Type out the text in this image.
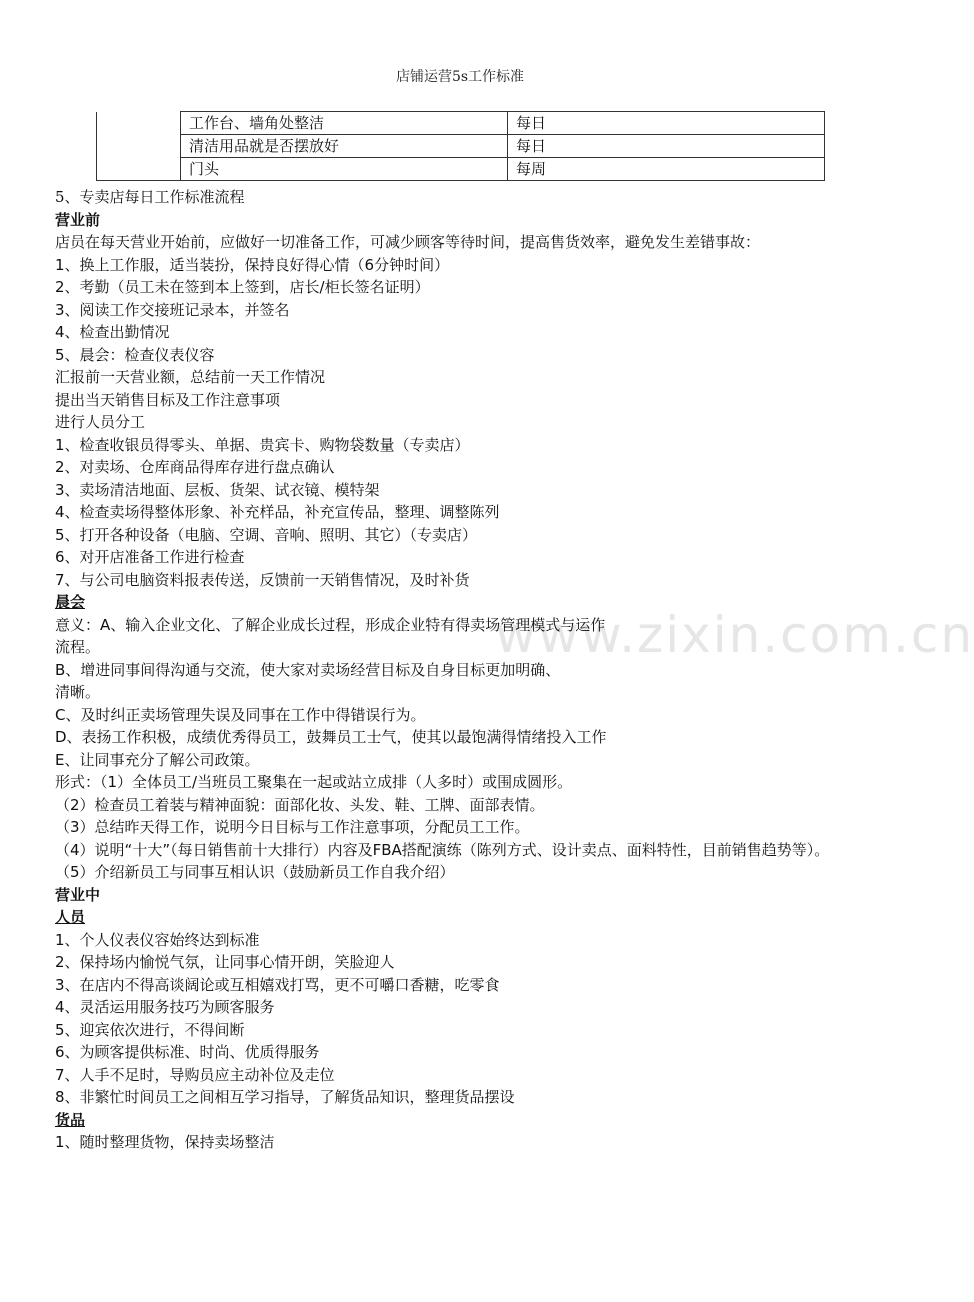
店铺运营5s工作标准
	工作台、墙角处整洁	每日
	清洁用品就是否摆放好	每日
	门头	每周
www.zixin.com.cn

5、专卖店每日工作标准流程

营业前

店员在每天营业开始前，应做好一切准备工作，可减少顾客等待时间，提高售货效率，避免发生差错事故：

1、换上工作服，适当装扮，保持良好得心情（6分钟时间）

2、考勤（员工未在签到本上签到，店长/柜长签名证明）

3、阅读工作交接班记录本，并签名

4、检查出勤情况

5、晨会：检查仪表仪容

汇报前一天营业额，总结前一天工作情况

提出当天销售目标及工作注意事项

进行人员分工

1、检查收银员得零头、单据、贵宾卡、购物袋数量（专卖店）

2、对卖场、仓库商品得库存进行盘点确认

3、卖场清洁地面、层板、货架、试衣镜、模特架

4、检查卖场得整体形象、补充样品，补充宣传品，整理、调整陈列

5、打开各种设备（电脑、空调、音响、照明、其它）（专卖店）

6、对开店准备工作进行检查

7、与公司电脑资料报表传送，反馈前一天销售情况，及时补货

晨会

意义：A、输入企业文化、了解企业成长过程，形成企业特有得卖场管理模式与运作

流程。

B、增进同事间得沟通与交流，使大家对卖场经营目标及自身目标更加明确、

清晰。

C、及时纠正卖场管理失误及同事在工作中得错误行为。

D、表扬工作积极，成绩优秀得员工，鼓舞员工士气，使其以最饱满得情绪投入工作

E、让同事充分了解公司政策。

形式：（1）全体员工/当班员工聚集在一起或站立成排（人多时）或围成圆形。

（2）检查员工着装与精神面貌：面部化妆、头发、鞋、工牌、面部表情。

（3）总结昨天得工作，说明今日目标与工作注意事项，分配员工工作。

（4）说明“十大”（每日销售前十大排行）内容及FBA搭配演练（陈列方式、设计卖点、面料特性，目前销售趋势等）。

（5）介绍新员工与同事互相认识（鼓励新员工作自我介绍）

营业中

人员

1、个人仪表仪容始终达到标准

2、保持场内愉悦气氛，让同事心情开朗，笑脸迎人

3、在店内不得高谈阔论或互相嬉戏打骂，更不可嚼口香糖，吃零食

4、灵活运用服务技巧为顾客服务

5、迎宾依次进行，不得间断

6、为顾客提供标准、时尚、优质得服务

7、人手不足时，导购员应主动补位及走位

8、非繁忙时间员工之间相互学习指导，了解货品知识，整理货品摆设

货品

1、随时整理货物，保持卖场整洁
